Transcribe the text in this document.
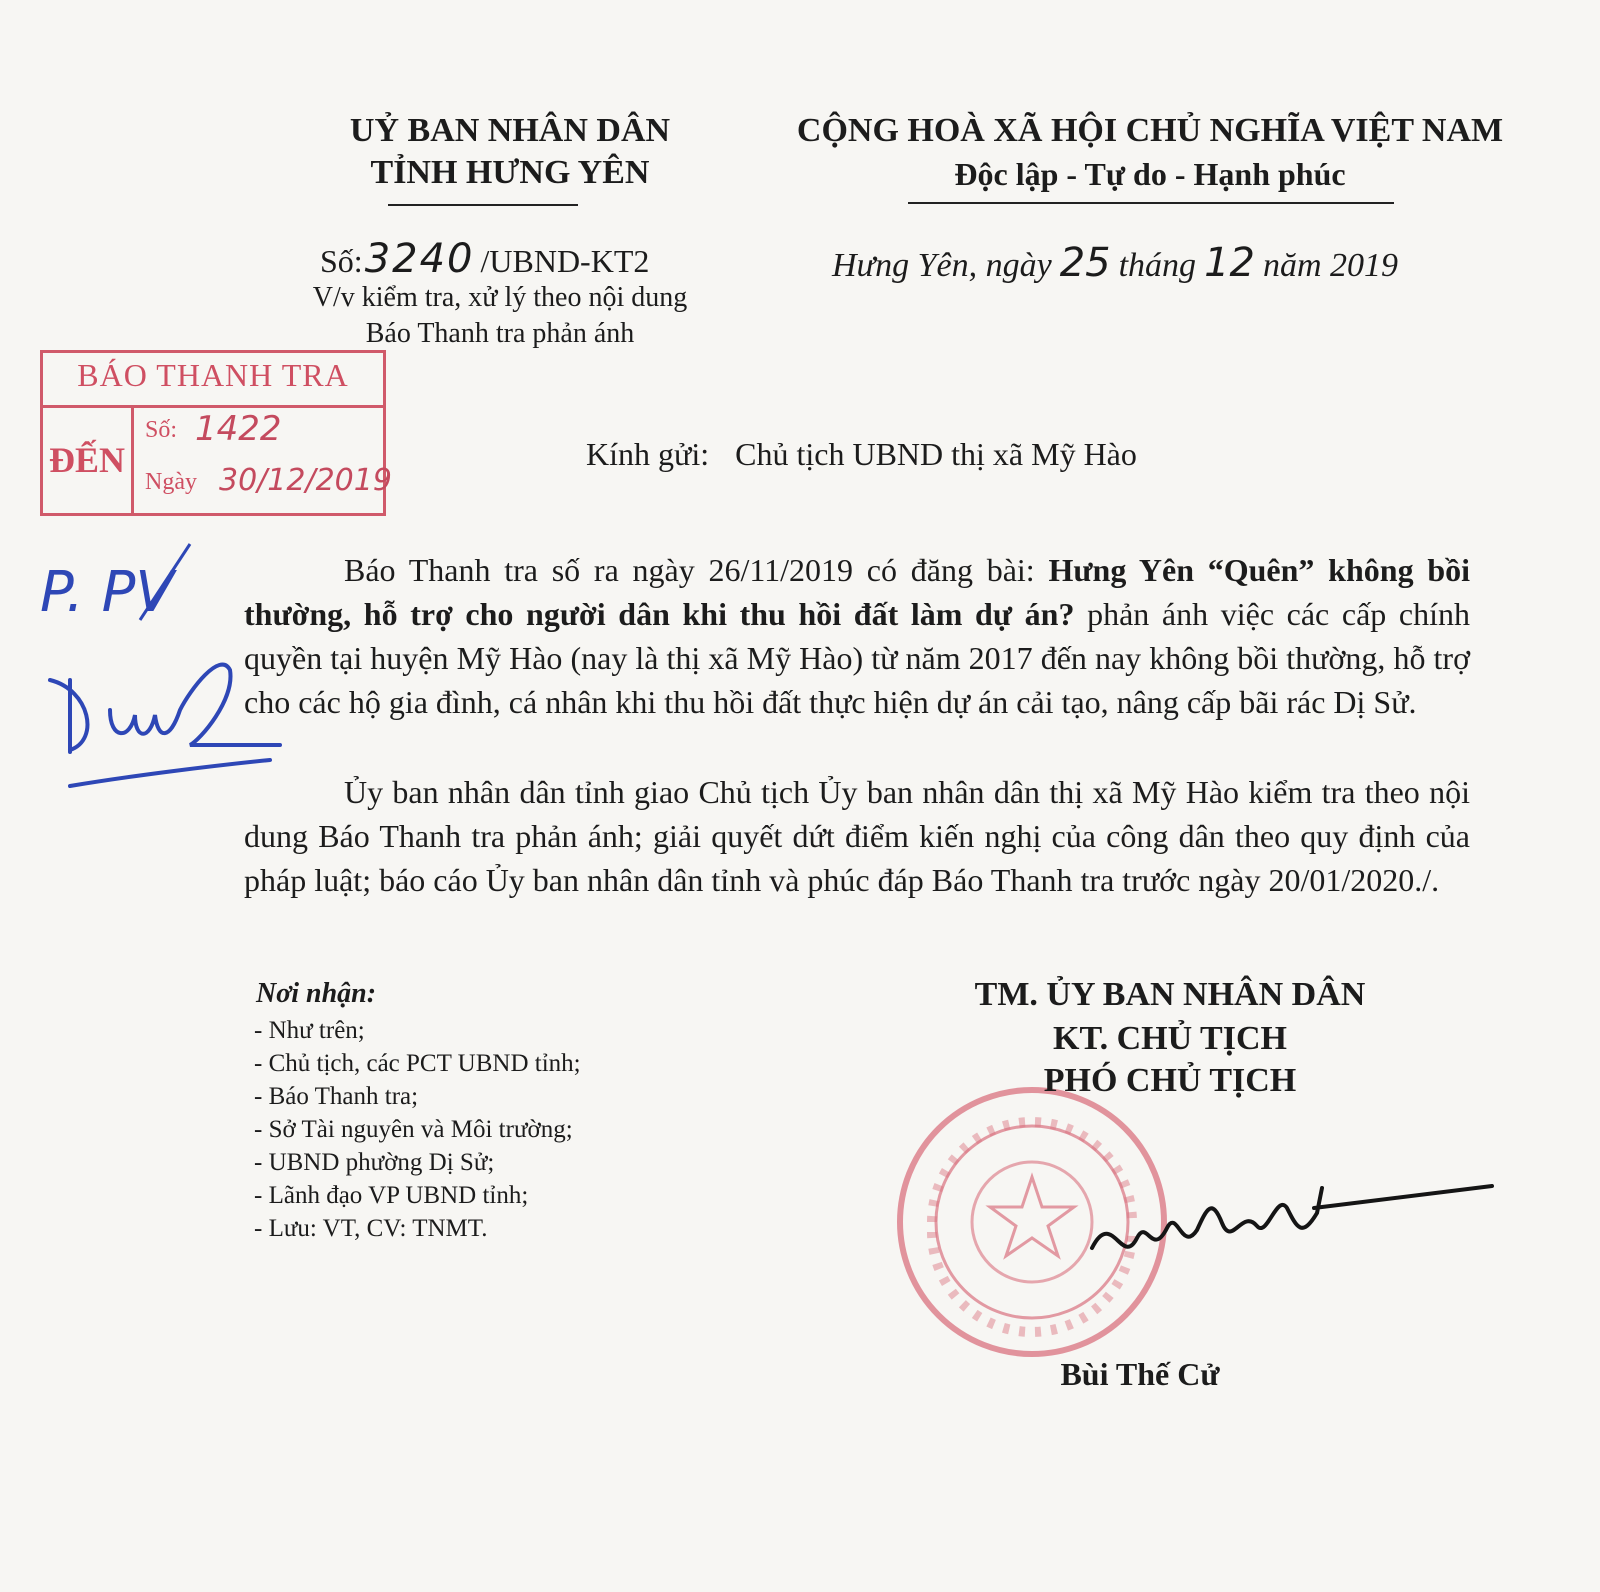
UỶ BAN NHÂN DÂN
TỈNH HƯNG YÊN
CỘNG HOÀ XÃ HỘI CHỦ NGHĨA VIỆT NAM
Độc lập - Tự do - Hạnh phúc
Số:3240 /UBND-KT2
V/v kiểm tra, xử lý theo nội dung
Báo Thanh tra phản ánh
Hưng Yên, ngày 25 tháng 12 năm 2019
BÁO THANH TRA
ĐẾN
Số: 1422
Ngày 30/12/2019
P. PV
Kính gửi: Chủ tịch UBND thị xã Mỹ Hào
Báo Thanh tra số ra ngày 26/11/2019 có đăng bài: Hưng Yên “Quên” không bồi thường, hỗ trợ cho người dân khi thu hồi đất làm dự án? phản ánh việc các cấp chính quyền tại huyện Mỹ Hào (nay là thị xã Mỹ Hào) từ năm 2017 đến nay không bồi thường, hỗ trợ cho các hộ gia đình, cá nhân khi thu hồi đất thực hiện dự án cải tạo, nâng cấp bãi rác Dị Sử.
Ủy ban nhân dân tỉnh giao Chủ tịch Ủy ban nhân dân thị xã Mỹ Hào kiểm tra theo nội dung Báo Thanh tra phản ánh; giải quyết dứt điểm kiến nghị của công dân theo quy định của pháp luật; báo cáo Ủy ban nhân dân tỉnh và phúc đáp Báo Thanh tra trước ngày 20/01/2020./.
Nơi nhận:
- Như trên;
- Chủ tịch, các PCT UBND tỉnh;
- Báo Thanh tra;
- Sở Tài nguyên và Môi trường;
- UBND phường Dị Sử;
- Lãnh đạo VP UBND tỉnh;
- Lưu: VT, CV: TNMT.
TM. ỦY BAN NHÂN DÂN
KT. CHỦ TỊCH
PHÓ CHỦ TỊCH
Bùi Thế Cử
